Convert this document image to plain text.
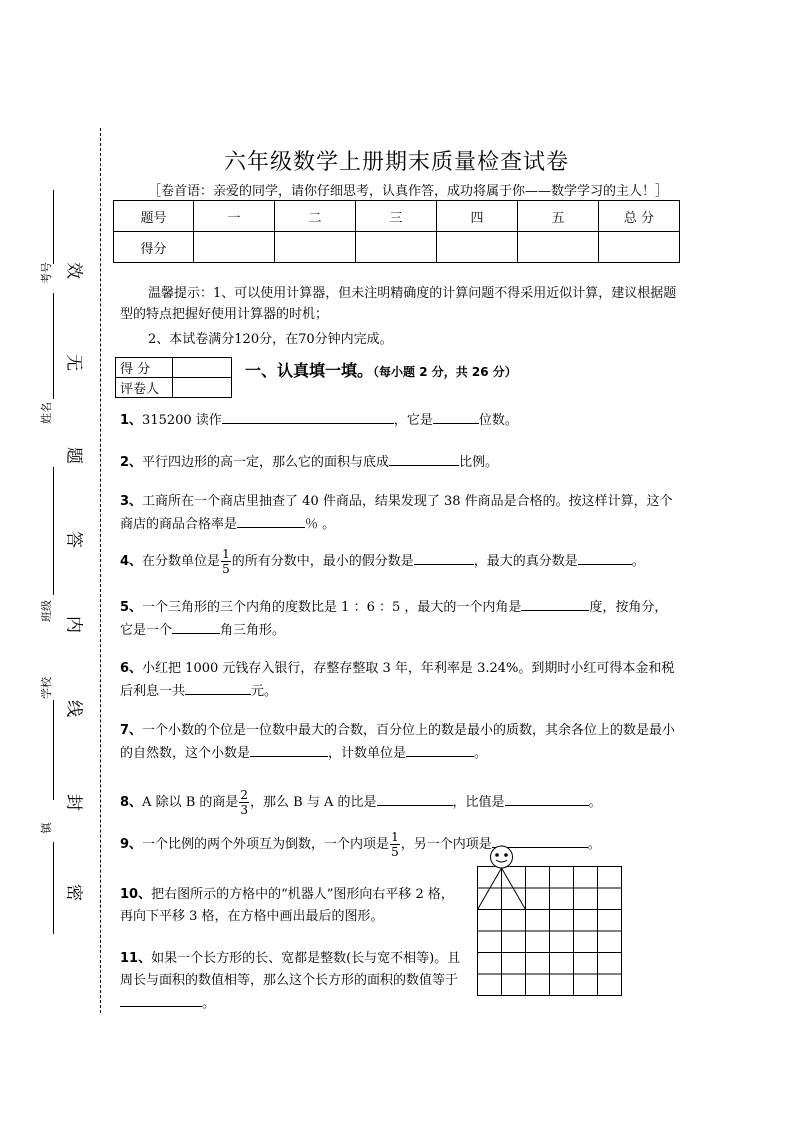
效
无
题
答
内
线
封
密
考号
姓名
班级
学校
镇
六年级数学上册期末质量检查试卷
［卷首语：亲爱的同学，请你仔细思考，认真作答，成功将属于你——数学学习的主人！］
题号	一	二	三	四	五	总 分
得分						

温馨提示：1、可以使用计算器，但未注明精确度的计算问题不得采用近似计算，建议根据题型的特点把握好使用计算器的时机；

2、本试卷满分120分，在70分钟内完成。

得 分	
评卷人	
一、认真填一填。（每小题 2 分，共 26 分）
1、315200 读作	，它是	位数。
2、平行四边形的高一定，那么它的面积与底成	比例。
3、工商所在一个商店里抽查了 40 件商品，结果发现了 38 件商品是合格的。按这样计算，这个商店的商品合格率是	％ 。
4、在分数单位是 $\frac{1}{5}$ 的所有分数中，最小的假分数是	，最大的真分数是	。
5、一个三角形的三个内角的度数比是 1 ：6 ：5 ，最大的一个内角是	度，按角分，它是一个	角三角形。
6、小红把 1000 元钱存入银行，存整存整取 3 年，年利率是 3.24%。到期时小红可得本金和税后利息一共	元。
7、一个小数的个位是一位数中最大的合数，百分位上的数是最小的质数，其余各位上的数是最小的自然数，这个小数是	，计数单位是	。
8、A 除以 B 的商是 $\frac{2}{3}$ ，那么 B 与 A 的比是	，比值是	。
9、一个比例的两个外项互为倒数，一个内项是 $\frac{1}{5}$ ，另一个内项是	。
10、把右图所示的方格中的“机器人”图形向右平移 2 格，再向下平移 3 格，在方格中画出最后的图形。
11、如果一个长方形的长、宽都是整数(长与宽不相等)。且周长与面积的数值相等，那么这个长方形的面积的数值等于。
